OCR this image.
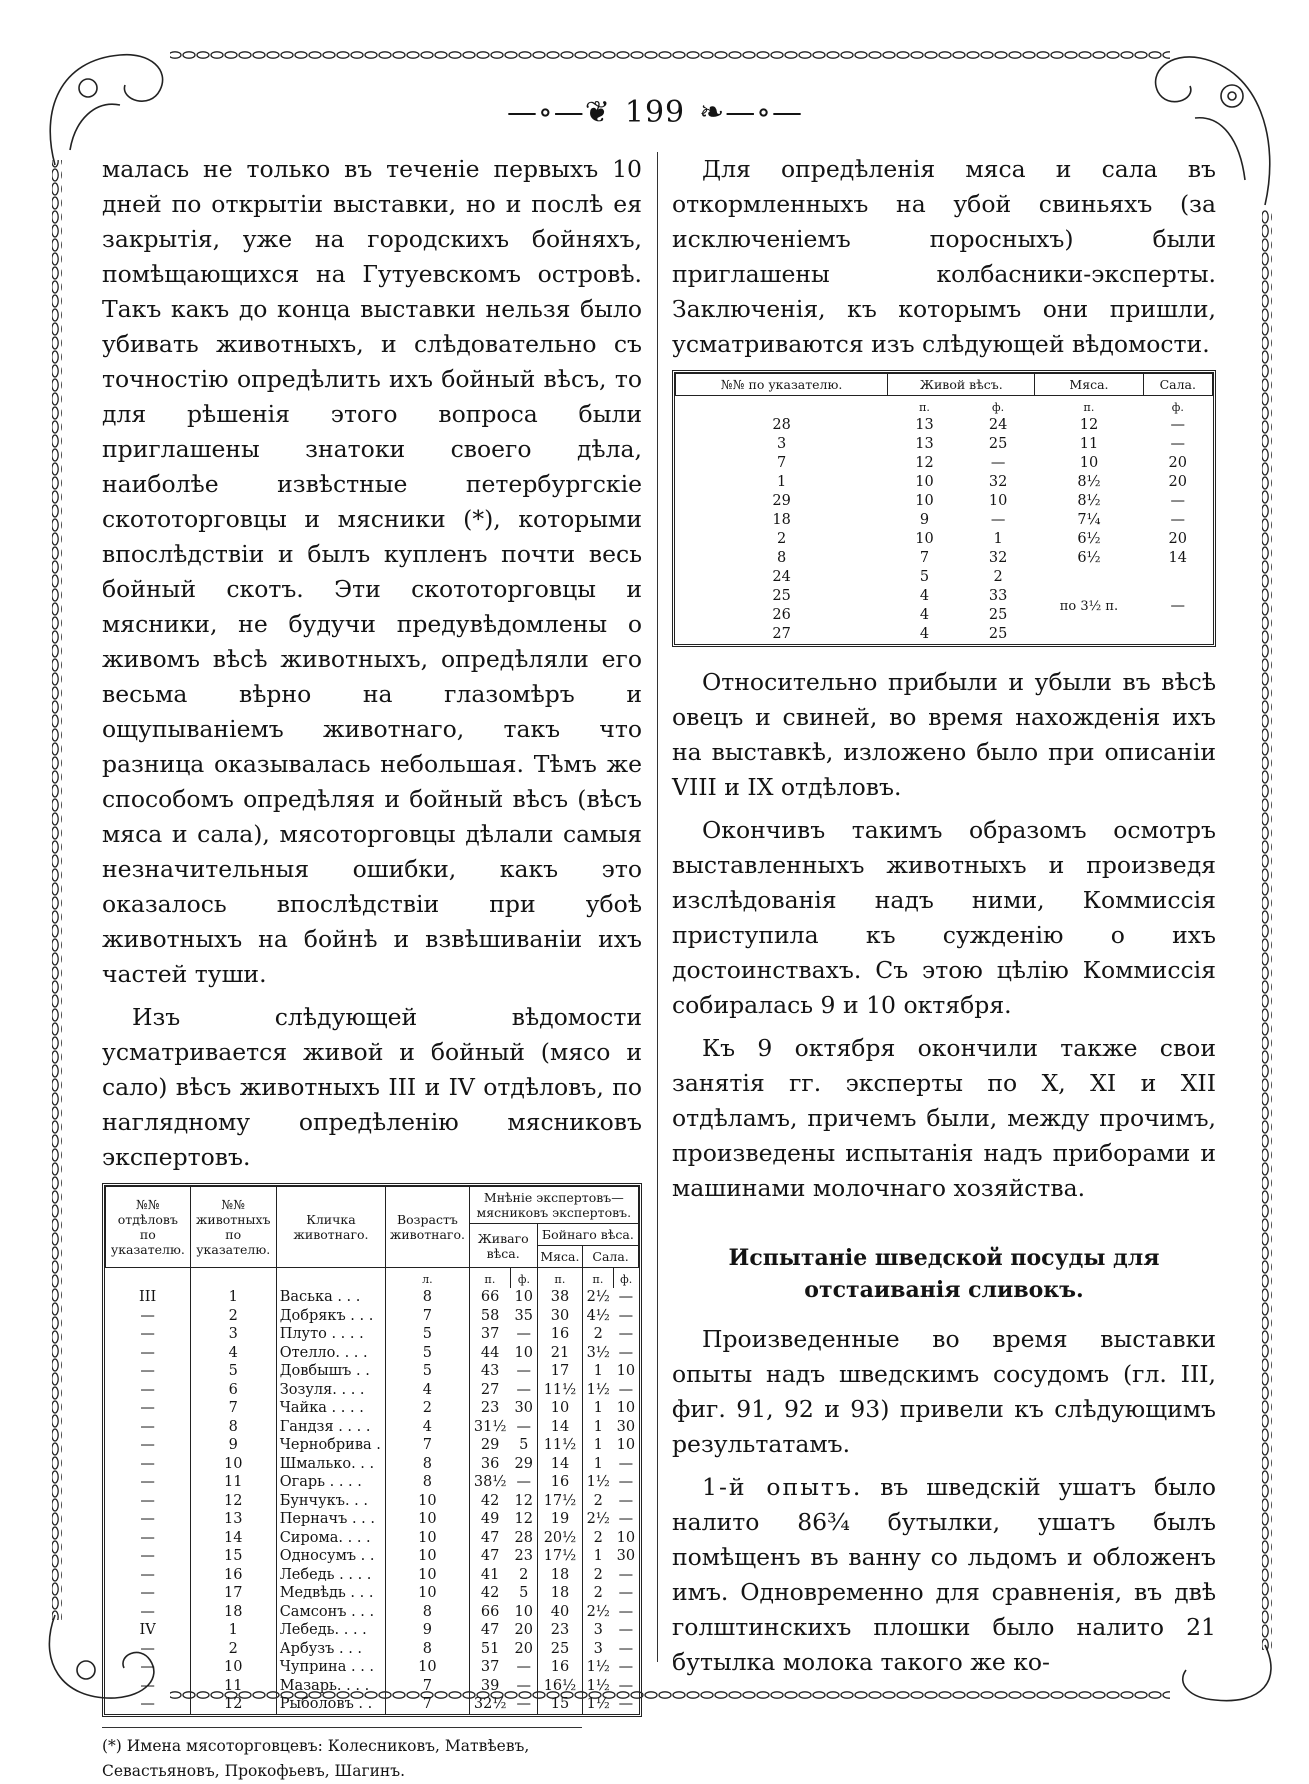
—∘—❦ 199 ❧—∘—

малась не только въ теченіе первыхъ 10 дней по открытіи выставки, но и послѣ ея закрытія, уже на городскихъ бойняхъ, помѣщающихся на Гутуевскомъ островѣ. Такъ какъ до конца выставки нельзя было убивать животныхъ, и слѣдовательно съ точностію опредѣлить ихъ бойный вѣсъ, то для рѣшенія этого вопроса были приглашены знатоки своего дѣла, наиболѣе извѣстные петербургскіе скототорговцы и мясники (*), которыми впослѣдствіи и былъ купленъ почти весь бойный скотъ. Эти скототорговцы и мясники, не будучи предувѣдомлены о живомъ вѣсѣ животныхъ, опредѣляли его весьма вѣрно на глазомѣръ и ощупываніемъ животнаго, такъ что разница оказывалась небольшая. Тѣмъ же способомъ опредѣляя и бойный вѣсъ (вѣсъ мяса и сала), мясоторговцы дѣлали самыя незначительныя ошибки, какъ это оказалось впослѣдствіи при убоѣ животныхъ на бойнѣ и взвѣшиваніи ихъ частей туши.

Изъ слѣдующей вѣдомости усматривается живой и бойный (мясо и сало) вѣсъ животныхъ III и IV отдѣловъ, по наглядному опредѣленію мясниковъ экспертовъ.

№№ отдѣловъ по указателю.	№№ животныхъ по указателю.	Кличка животнаго.	Возрастъ животнаго.	Мнѣніе экспертовъ—мясниковъ экспертовъ.				
				Живаго вѣса.		Бойнаго вѣса.		
						Мяса.	Сала.	
			л.	п.	ф.	п.	п.	ф.
III	1	Васька . . .	8	66	10	38	2½	—
—	2	Добрякъ . . .	7	58	35	30	4½	—
—	3	Плуто . . . .	5	37	—	16	2	—
—	4	Отелло. . . .	5	44	10	21	3½	—
—	5	Довбышъ . .	5	43	—	17	1	10
—	6	Зозуля. . . .	4	27	—	11½	1½	—
—	7	Чайка . . . .	2	23	30	10	1	10
—	8	Гандзя . . . .	4	31½	—	14	1	30
—	9	Чернобрива .	7	29	5	11½	1	10
—	10	Шмалько. . .	8	36	29	14	1	—
—	11	Огарь . . . .	8	38½	—	16	1½	—
—	12	Бунчукъ. . .	10	42	12	17½	2	—
—	13	Перначъ . . .	10	49	12	19	2½	—
—	14	Сирома. . . .	10	47	28	20½	2	10
—	15	Односумъ . .	10	47	23	17½	1	30
—	16	Лебедь . . . .	10	41	2	18	2	—
—	17	Медвѣдь . . .	10	42	5	18	2	—
—	18	Самсонъ . . .	8	66	10	40	2½	—
IV	1	Лебедь. . . .	9	47	20	23	3	—
—	2	Арбузъ . . .	8	51	20	25	3	—
—	10	Чуприна . . .	10	37	—	16	1½	—
—	11	Мазарь. . . .	7	39	—	16½	1½	—
—	12	Рыболовъ . .	7	32½	—	15	1½	—
(*) Имена мясоторговцевъ: Колесниковъ, Матвѣевъ, Севастьяновъ, Прокофьевъ, Шагинъ.

Для опредѣленія мяса и сала въ откормленныхъ на убой свиньяхъ (за исключеніемъ поросныхъ) были приглашены колбасники-эксперты. Заключенія, къ которымъ они пришли, усматриваются изъ слѣдующей вѣдомости.

№№ по указателю.	Живой вѣсъ.		Мяса.	Сала.
	п.	ф.	п.	ф.
28	13	24	12	—
3	13	25	11	—
7	12	—	10	20
1	10	32	8½	20
29	10	10	8½	—
18	9	—	7¼	—
2	10	1	6½	20
8	7	32	6½	14
24	5	2	по 3½ п.	—
25	4	33		
26	4	25		
27	4	25		

Относительно прибыли и убыли въ вѣсѣ овецъ и свиней, во время нахожденія ихъ на выставкѣ, изложено было при описаніи VIII и IX отдѣловъ.

Окончивъ такимъ образомъ осмотръ выставленныхъ животныхъ и произведя изслѣдованія надъ ними, Коммиссія приступила къ сужденію о ихъ достоинствахъ. Съ этою цѣлію Коммиссія собиралась 9 и 10 октября.

Къ 9 октября окончили также свои занятія гг. эксперты по X, XI и XII отдѣламъ, причемъ были, между прочимъ, произведены испытанія надъ приборами и машинами молочнаго хозяйства.

Испытаніе шведской посуды для отстаиванія сливокъ.

Произведенные во время выставки опыты надъ шведскимъ сосудомъ (гл. III, фиг. 91, 92 и 93) привели къ слѣдующимъ результатамъ.

1-й опытъ. въ шведскій ушатъ было налито 86¾ бутылки, ушатъ былъ помѣщенъ въ ванну со льдомъ и обложенъ имъ. Одновременно для сравненія, въ двѣ голштинскихъ плошки было налито 21 бутылка молока такого же ко-
